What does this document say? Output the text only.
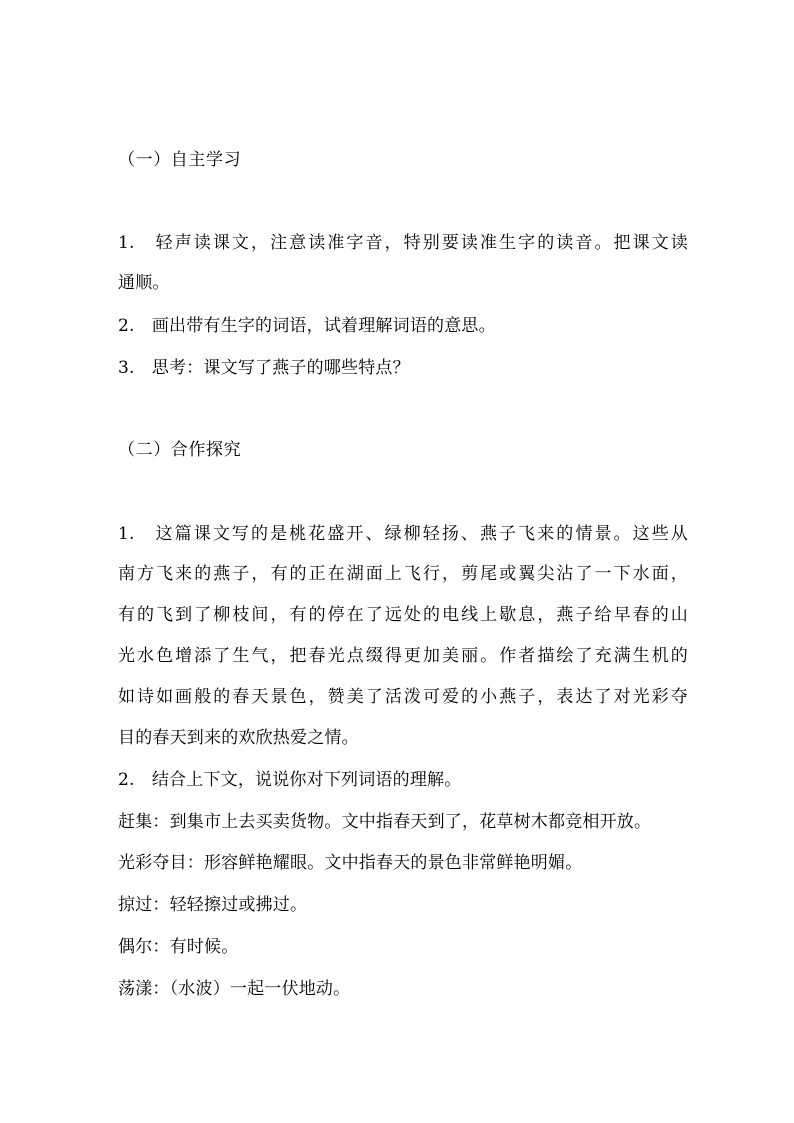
（一）自主学习
1.　轻声读课文，注意读准字音，特别要读准生字的读音。把课文读
通顺。
2.　画出带有生字的词语，试着理解词语的意思。
3.　思考：课文写了燕子的哪些特点？
（二）合作探究
1.　这篇课文写的是桃花盛开、绿柳轻扬、燕子飞来的情景。这些从
南方飞来的燕子，有的正在湖面上飞行，剪尾或翼尖沾了一下水面，
有的飞到了柳枝间，有的停在了远处的电线上歇息，燕子给早春的山
光水色增添了生气，把春光点缀得更加美丽。作者描绘了充满生机的
如诗如画般的春天景色，赞美了活泼可爱的小燕子，表达了对光彩夺
目的春天到来的欢欣热爱之情。
2.　结合上下文，说说你对下列词语的理解。
赶集：到集市上去买卖货物。文中指春天到了，花草树木都竞相开放。
光彩夺目：形容鲜艳耀眼。文中指春天的景色非常鲜艳明媚。
掠过：轻轻擦过或拂过。
偶尔：有时候。
荡漾：（水波）一起一伏地动。
